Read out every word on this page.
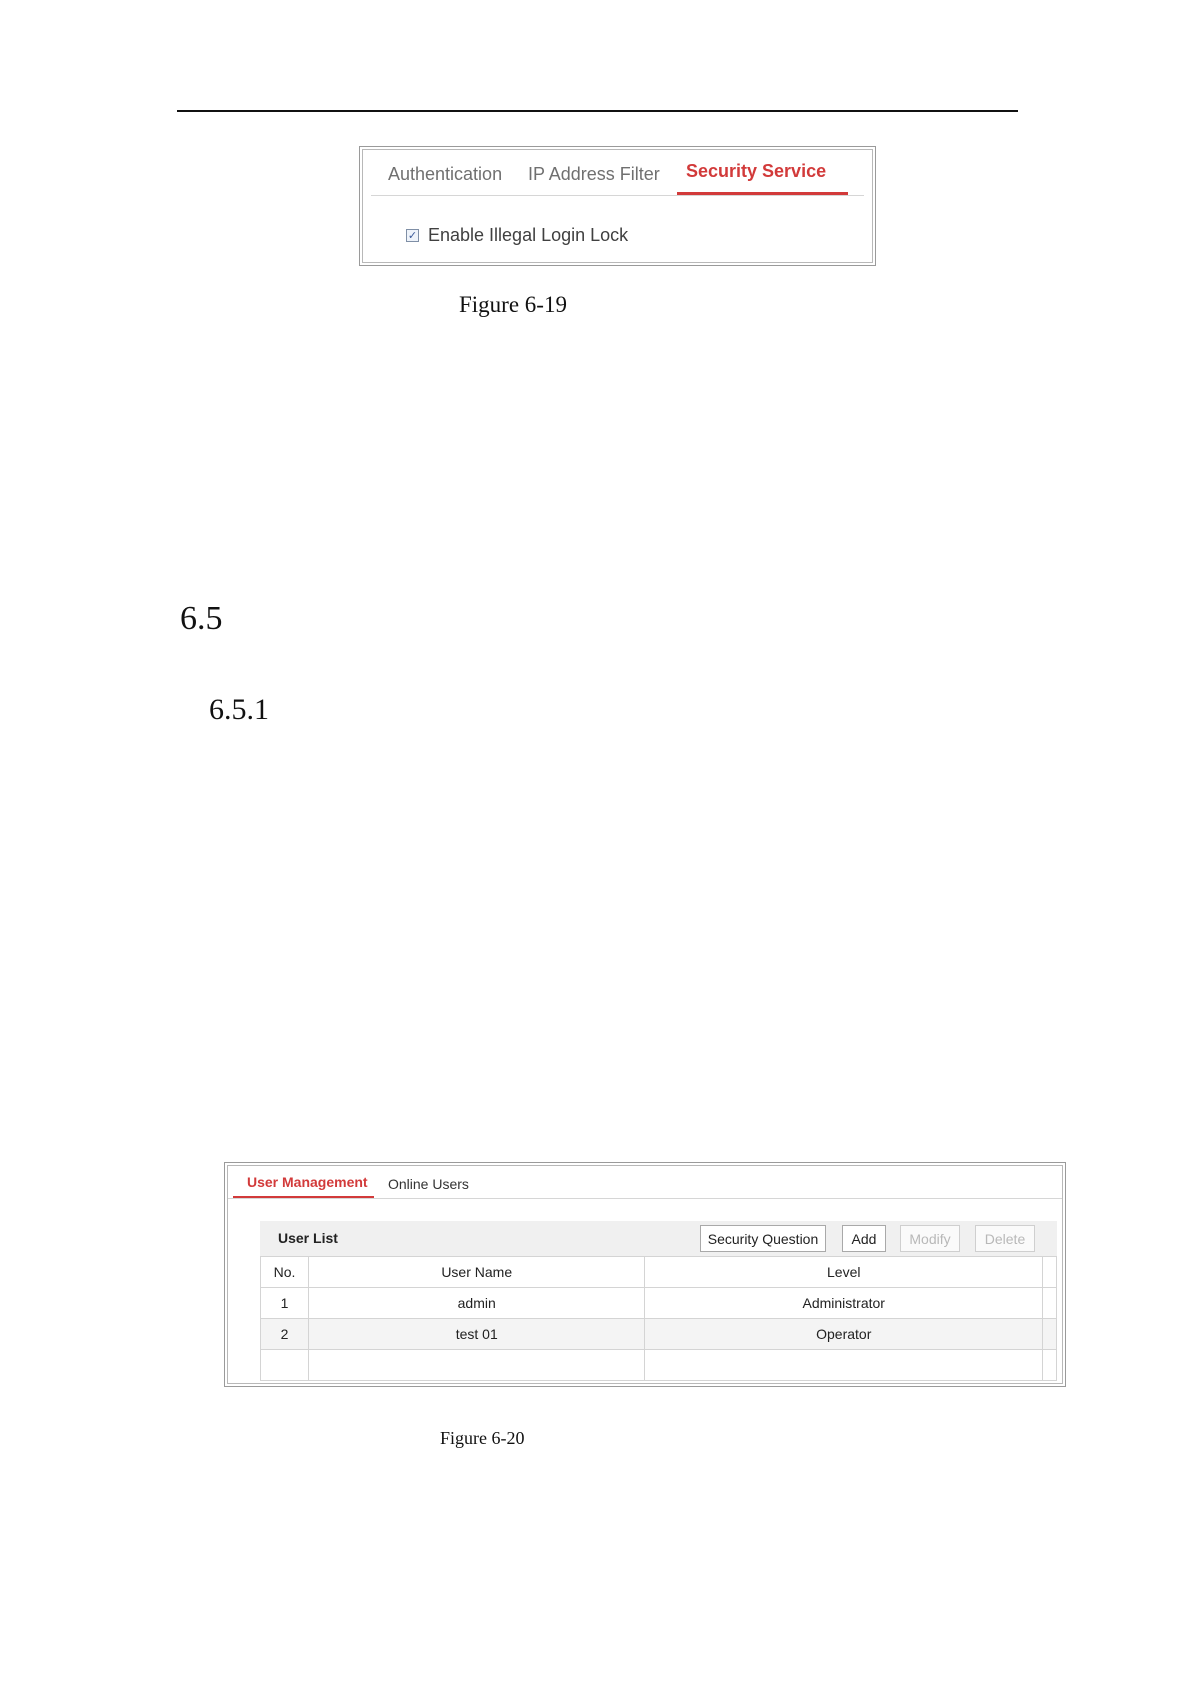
Authentication IP Address Filter Security Service
✓ Enable Illegal Login Lock
Figure 6-19
6.5
6.5.1
User Management Online Users
User List	Security Question	Add	Modify	Delete
No.	User Name	Level	
1	admin	Administrator	
2	test 01	Operator	

Figure 6-20
